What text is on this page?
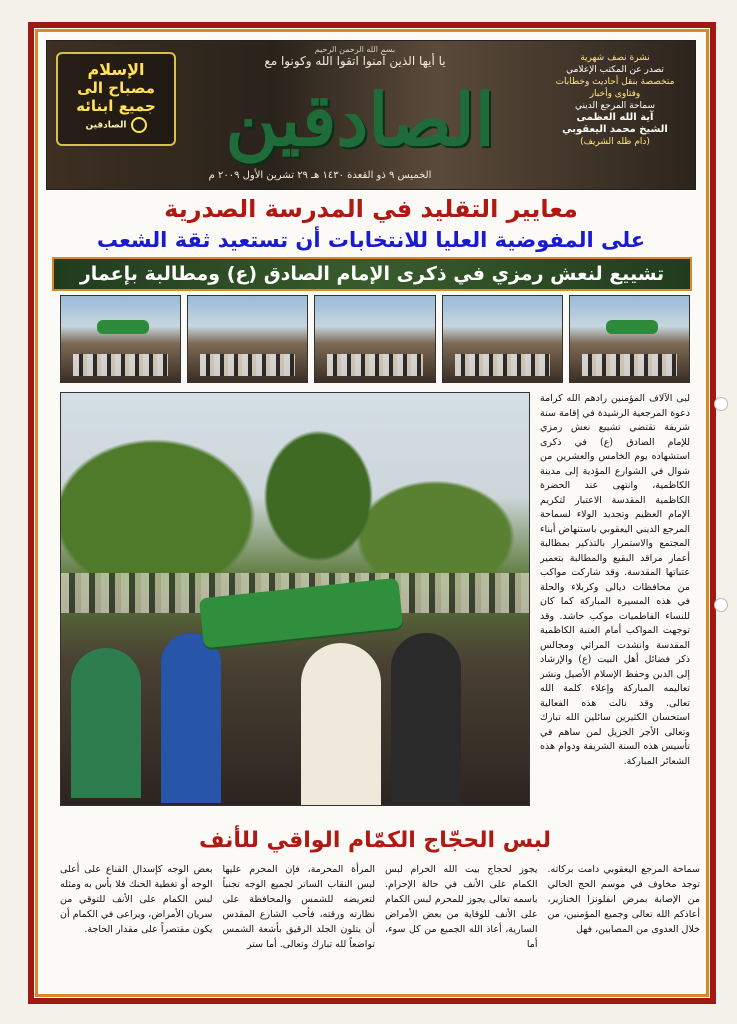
بسم الله الرحمن الرحيم
يا أيها الذين آمنوا اتقوا الله وكونوا مع
الصادقين
الخميس ٩ ذو القعدة ١٤٣٠ هـ ٢٩ تشرين الأول ٢٠٠٩ م
الإسلام
مصباح الى
جميع ابنائه
الصادقين
نشرة نصف شهرية
تصدر عن المكتب الإعلامي
متخصصة بنقل أحاديث وخطابات
وفتاوى وأخبار
سماحة المرجع الديني
آية الله العظمى
الشيخ محمد اليعقوبي
(دام ظله الشريف)
معايير التقليد في المدرسة الصدرية
على المفوضية العليا للانتخابات أن تستعيد ثقة الشعب
تشييع لنعش رمزي في ذكرى الإمام الصادق (ع) ومطالبة بإعمار
لبى الآلاف المؤمنين رادهم الله كرامة دعوة المرجعية الرشيدة في إقامة سنة شريفة تقتضي تشييع نعش رمزي للإمام الصادق (ع) في ذكرى استشهاده يوم الخامس والعشرين من شوال في الشوارع المؤدية إلى مدينة الكاظمية، وانتهى عند الحضرة الكاظمية المقدسة الاعتبار لتكريم الإمام العظيم وتجديد الولاء لسماحة المرجع الديني اليعقوبي باستنهاض أبناء المجتمع والاستمرار بالتذكير بمطالبة أعمار مراقد البقيع والمطالبة بتعمير عتباتها المقدسة. وقد شاركت مواكب من محافظات ديالى وكربلاء والحلة في هذه المسيرة المباركة كما كان للنساء الفاطميات موكب حاشد. وقد توجهت المواكب أمام العتبة الكاظمية المقدسة وانشدت المراثي ومجالس ذكر فضائل أهل البيت (ع) والإرشاد إلى الدين وحفظ الإسلام الأصيل ونشر تعاليمه المباركة وإعلاء كلمة الله تعالى. وقد نالت هذه الفعالية استحسان الكثيرين سائلين الله تبارك وتعالى الأجر الجزيل لمن ساهم في تأسيس هذه السنة الشريفة ودوام هذه الشعائر المباركة.
لبس الحجّاج الكمّام الواقي للأنف
سماحة المرجع اليعقوبي دامت بركاته. توجد مخاوف في موسم الحج الحالي من الإصابة بمرض انفلونزا الخنازير، أعاذكم الله تعالى وجميع المؤمنين، من خلال العدوى من المصابين، فهل
يجوز لحجاج بيت الله الحرام لبس الكمام على الأنف في حالة الإحرام. باسمه تعالى يجوز للمحرم لبس الكمام على الأنف للوقاية من بعض الأمراض السارية، أعاذ الله الجميع من كل سوء، أما
المرأة المحرمة، فإن المحرم عليها لبس النقاب الساتر لجميع الوجه تجنباً لتعريضه للشمس والمحافظة على نظارته ورقته، فأحب الشارع المقدس أن يتلون الجلد الرقيق بأشعة الشمس تواضعاً لله تبارك وتعالى. أما ستر
بعض الوجه كإسدال القناع على أعلى الوجه أو تغطية الحنك فلا بأس به ومثله لبس الكمام على الأنف للتوقي من سريان الأمراض، ويراعى في الكمام أن يكون مقتصراً على مقدار الحاجة.
